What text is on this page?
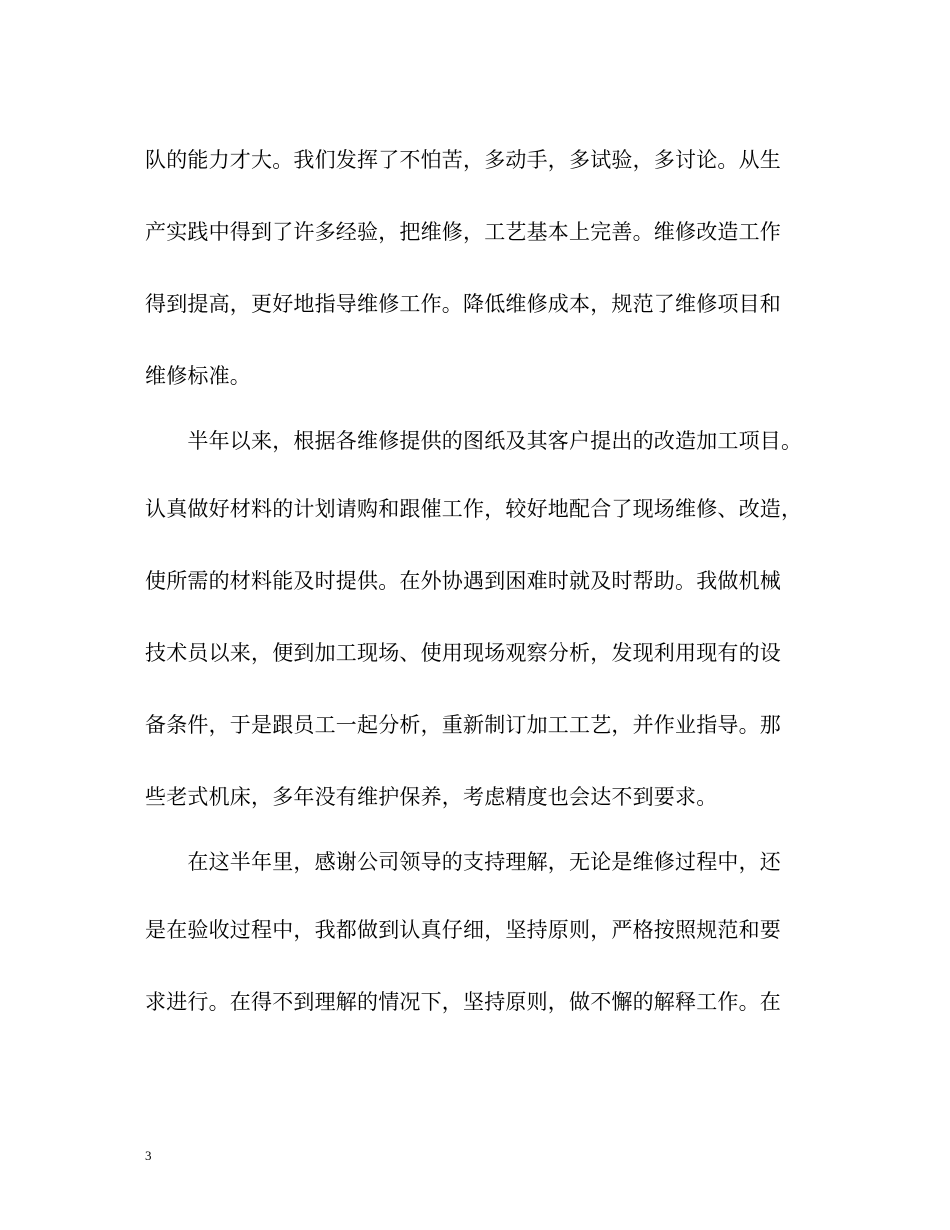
队的能力才大。我们发挥了不怕苦，多动手，多试验，多讨论。从生
产实践中得到了许多经验，把维修，工艺基本上完善。维修改造工作
得到提高，更好地指导维修工作。降低维修成本，规范了维修项目和
维修标准。
　　半年以来，根据各维修提供的图纸及其客户提出的改造加工项目。
认真做好材料的计划请购和跟催工作，较好地配合了现场维修、改造，
使所需的材料能及时提供。在外协遇到困难时就及时帮助。我做机械
技术员以来，便到加工现场、使用现场观察分析，发现利用现有的设
备条件，于是跟员工一起分析，重新制订加工工艺，并作业指导。那
些老式机床，多年没有维护保养，考虑精度也会达不到要求。
　　在这半年里，感谢公司领导的支持理解，无论是维修过程中，还
是在验收过程中，我都做到认真仔细，坚持原则，严格按照规范和要
求进行。在得不到理解的情况下，坚持原则，做不懈的解释工作。在
3
